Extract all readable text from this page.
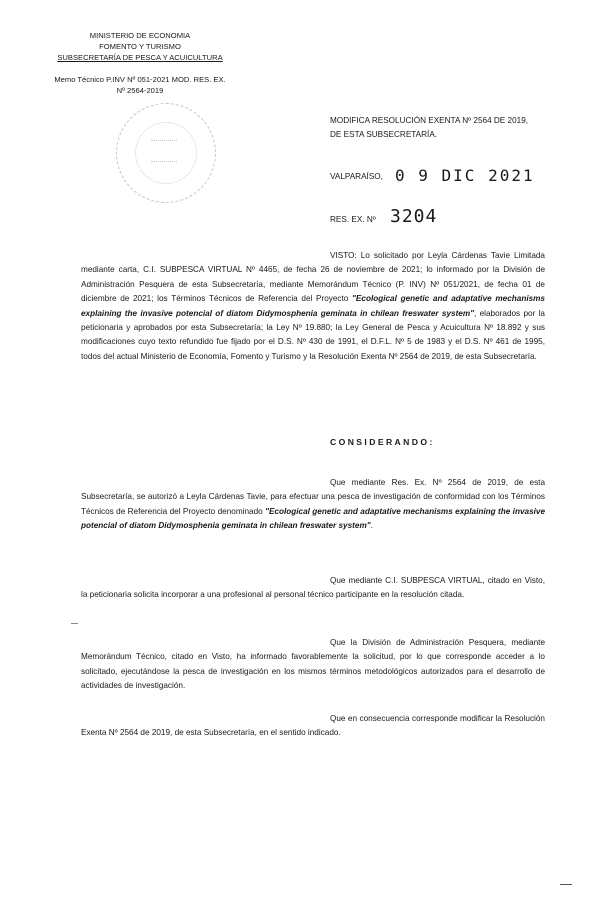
MINISTERIO DE ECONOMIA
FOMENTO Y TURISMO
SUBSECRETARÍA DE PESCA Y ACUICULTURA
Memo Técnico P.INV Nº 051-2021 MOD. RES. EX.
Nº 2564-2019
MODIFICA RESOLUCIÓN EXENTA Nº 2564 DE 2019,
DE ESTA SUBSECRETARÍA.
VALPARAÍSO, 0 9 DIC 2021
RES. EX. Nº 3204
VISTO: Lo solicitado por Leyla Cárdenas Tavie Limitada mediante carta, C.I. SUBPESCA VIRTUAL Nº 4465, de fecha 26 de noviembre de 2021; lo informado por la División de Administración Pesquera de esta Subsecretaría, mediante Memorándum Técnico (P. INV) Nº 051/2021, de fecha 01 de diciembre de 2021; los Términos Técnicos de Referencia del Proyecto "Ecological genetic and adaptative mechanisms explaining the invasive potencial of diatom Didymosphenia geminata in chilean freswater system", elaborados por la peticionaria y aprobados por esta Subsecretaría; la Ley Nº 19.880; la Ley General de Pesca y Acuicultura Nº 18.892 y sus modificaciones cuyo texto refundido fue fijado por el D.S. Nº 430 de 1991, el D.F.L. Nº 5 de 1983 y el D.S. Nº 461 de 1995, todos del actual Ministerio de Economía, Fomento y Turismo y la Resolución Exenta Nº 2564 de 2019, de esta Subsecretaría.
CONSIDERANDO:
Que mediante Res. Ex. Nº 2564 de 2019, de esta Subsecretaría, se autorizó a Leyla Cárdenas Tavie, para efectuar una pesca de investigación de conformidad con los Términos Técnicos de Referencia del Proyecto denominado "Ecological genetic and adaptative mechanisms explaining the invasive potencial of diatom Didymosphenia geminata in chilean freswater system".
Que mediante C.I. SUBPESCA VIRTUAL, citado en Visto, la peticionaria solicita incorporar a una profesional al personal técnico participante en la resolución citada.
Que la División de Administración Pesquera, mediante Memorándum Técnico, citado en Visto, ha informado favorablemente la solicitud, por lo que corresponde acceder a lo solicitado, ejecutándose la pesca de investigación en los mismos términos metodológicos autorizados para el desarrollo de actividades de investigación.
Que en consecuencia corresponde modificar la Resolución Exenta Nº 2564 de 2019, de esta Subsecretaría, en el sentido indicado.
